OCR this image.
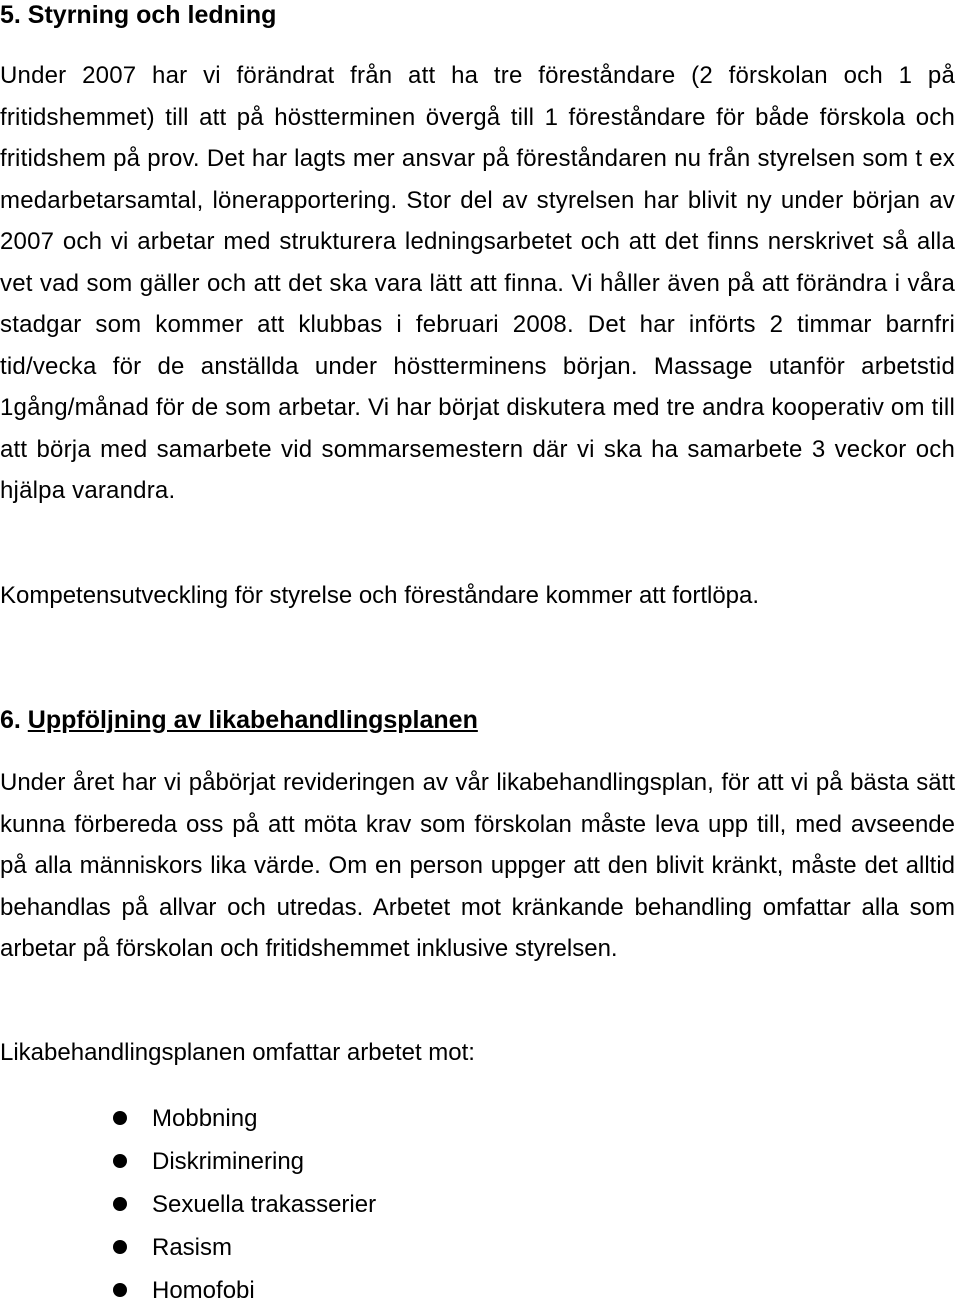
5. Styrning och ledning

Under 2007 har vi förändrat från att ha tre föreståndare (2 förskolan och 1 på fritidshemmet) till att på höstterminen övergå till 1 föreståndare för både förskola och fritidshem på prov. Det har lagts mer ansvar på föreståndaren nu från styrelsen som t ex medarbetarsamtal, lönerapportering. Stor del av styrelsen har blivit ny under början av 2007 och vi arbetar med strukturera ledningsarbetet och att det finns nerskrivet så alla vet vad som gäller och att det ska vara lätt att finna. Vi håller även på att förändra i våra stadgar som kommer att klubbas i februari 2008. Det har införts 2 timmar barnfri tid/vecka för de anställda under höstterminens början. Massage utanför arbetstid 1gång/månad för de som arbetar. Vi har börjat diskutera med tre andra kooperativ om till att börja med samarbete vid sommarsemestern där vi ska ha samarbete 3 veckor och hjälpa varandra.

Kompetensutveckling för styrelse och föreståndare kommer att fortlöpa.

6. Uppföljning av likabehandlingsplanen

Under året har vi påbörjat revideringen av vår likabehandlingsplan, för att vi på bästa sätt kunna förbereda oss på att möta krav som förskolan måste leva upp till, med avseende på alla människors lika värde. Om en person uppger att den blivit kränkt, måste det alltid behandlas på allvar och utredas. Arbetet mot kränkande behandling omfattar alla som arbetar på förskolan och fritidshemmet inklusive styrelsen.

Likabehandlingsplanen omfattar arbetet mot:

Mobbning
Diskriminering
Sexuella trakasserier
Rasism
Homofobi
